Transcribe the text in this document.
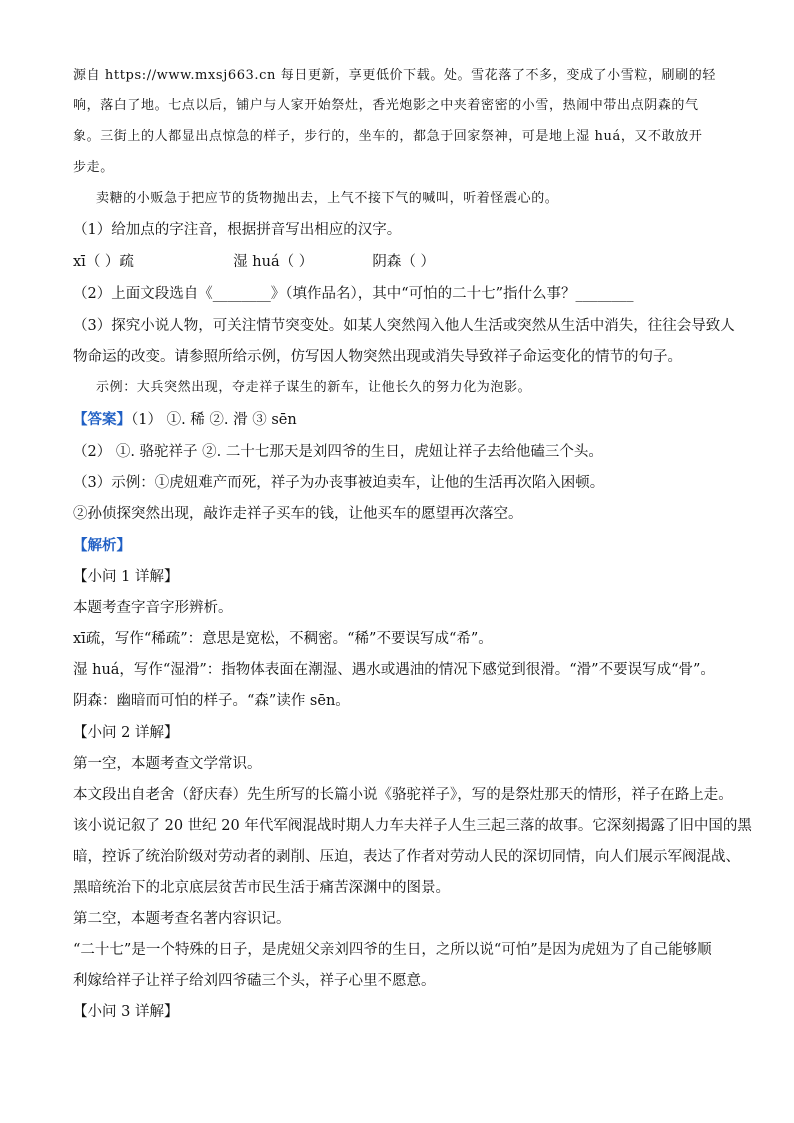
源自 https://www.mxsj663.cn 每日更新，享更低价下载。处。雪花落了不多，变成了小雪粒，刷刷的轻
响，落白了地。七点以后，铺户与人家开始祭灶，香光炮影之中夹着密密的小雪，热闹中带出点阴森的气
象。三街上的人都显出点惊急的样子，步行的，坐车的，都急于回家祭神，可是地上湿 huá，又不敢放开
步走。
卖糖的小贩急于把应节的货物抛出去，上气不接下气的喊叫，听着怪震心的。
（1）给加点的字注音，根据拼音写出相应的汉字。
xī（ ）疏	湿 huá（ ）	阴森（ ）
（2）上面文段选自《________》（填作品名），其中“可怕的二十七”指什么事？________
（3）探究小说人物，可关注情节突变处。如某人突然闯入他人生活或突然从生活中消失，往往会导致人
物命运的改变。请参照所给示例，仿写因人物突然出现或消失导致祥子命运变化的情节的句子。
示例：大兵突然出现，夺走祥子谋生的新车，让他长久的努力化为泡影。
【答案】（1） ①. 稀 ②. 滑 ③ sēn
（2） ①. 骆驼祥子 ②. 二十七那天是刘四爷的生日，虎妞让祥子去给他磕三个头。
（3）示例：①虎妞难产而死，祥子为办丧事被迫卖车，让他的生活再次陷入困顿。
②孙侦探突然出现，敲诈走祥子买车的钱，让他买车的愿望再次落空。
【解析】
【小问 1 详解】
本题考查字音字形辨析。
xī疏，写作“稀疏”：意思是宽松，不稠密。“稀”不要误写成“希”。
湿 huá，写作“湿滑”：指物体表面在潮湿、遇水或遇油的情况下感觉到很滑。“滑”不要误写成“骨”。
阴森：幽暗而可怕的样子。“森”读作 sēn。
【小问 2 详解】
第一空，本题考查文学常识。
本文段出自老舍（舒庆春）先生所写的长篇小说《骆驼祥子》，写的是祭灶那天的情形，祥子在路上走。
该小说记叙了 20 世纪 20 年代军阀混战时期人力车夫祥子人生三起三落的故事。它深刻揭露了旧中国的黑
暗，控诉了统治阶级对劳动者的剥削、压迫，表达了作者对劳动人民的深切同情，向人们展示军阀混战、
黑暗统治下的北京底层贫苦市民生活于痛苦深渊中的图景。
第二空，本题考查名著内容识记。
“二十七”是一个特殊的日子，是虎妞父亲刘四爷的生日，之所以说“可怕”是因为虎妞为了自己能够顺
利嫁给祥子让祥子给刘四爷磕三个头，祥子心里不愿意。
【小问 3 详解】
